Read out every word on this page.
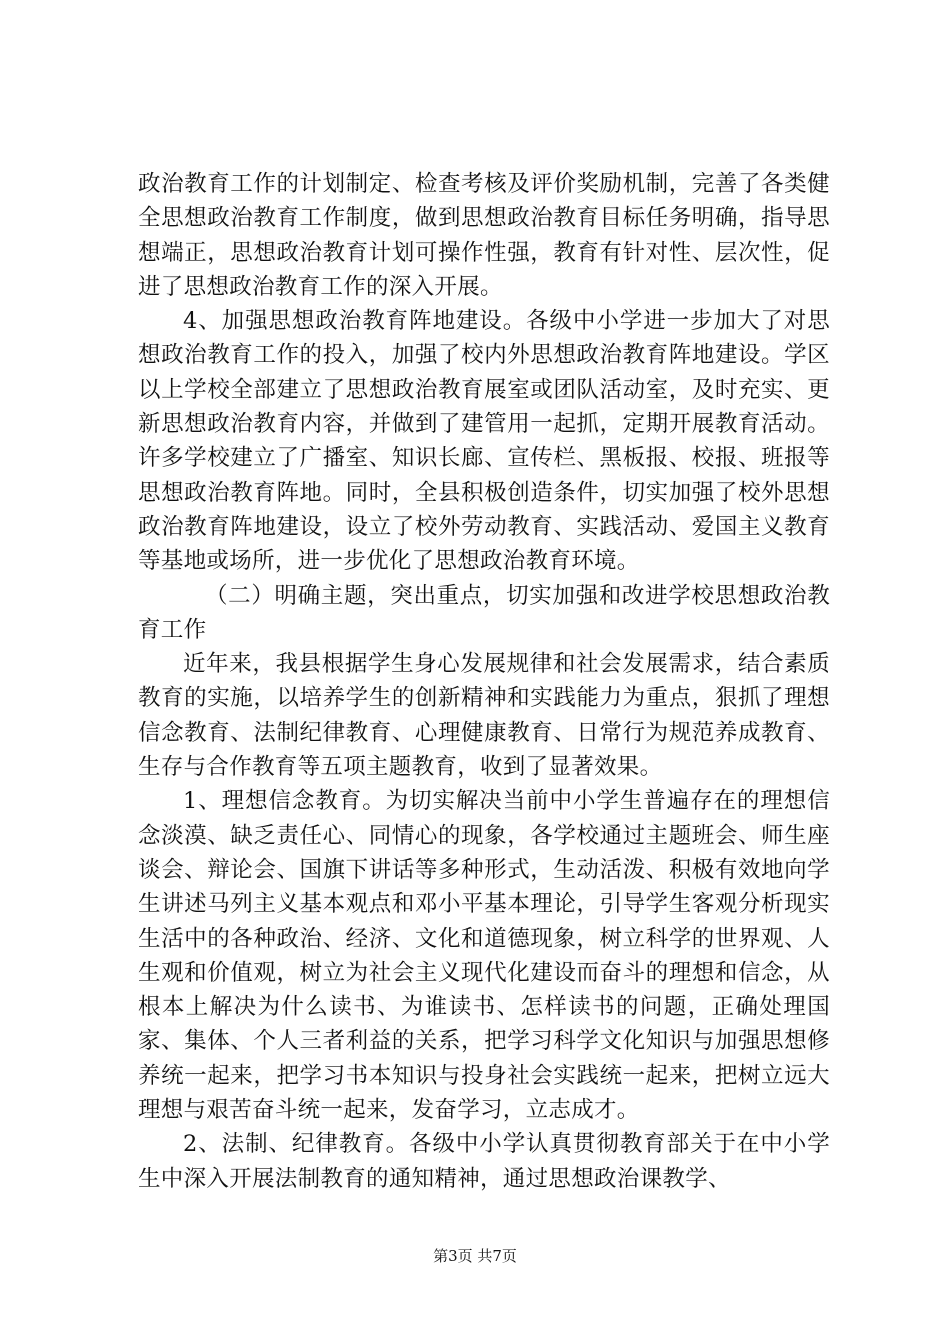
政治教育工作的计划制定、检查考核及评价奖励机制，完善了各类健全思想政治教育工作制度，做到思想政治教育目标任务明确，指导思想端正，思想政治教育计划可操作性强，教育有针对性、层次性，促进了思想政治教育工作的深入开展。

4、加强思想政治教育阵地建设。各级中小学进一步加大了对思想政治教育工作的投入，加强了校内外思想政治教育阵地建设。学区以上学校全部建立了思想政治教育展室或团队活动室，及时充实、更新思想政治教育内容，并做到了建管用一起抓，定期开展教育活动。许多学校建立了广播室、知识长廊、宣传栏、黑板报、校报、班报等思想政治教育阵地。同时，全县积极创造条件，切实加强了校外思想政治教育阵地建设，设立了校外劳动教育、实践活动、爱国主义教育等基地或场所，进一步优化了思想政治教育环境。

（二）明确主题，突出重点，切实加强和改进学校思想政治教育工作

近年来，我县根据学生身心发展规律和社会发展需求，结合素质教育的实施，以培养学生的创新精神和实践能力为重点，狠抓了理想信念教育、法制纪律教育、心理健康教育、日常行为规范养成教育、生存与合作教育等五项主题教育，收到了显著效果。

1、理想信念教育。为切实解决当前中小学生普遍存在的理想信念淡漠、缺乏责任心、同情心的现象，各学校通过主题班会、师生座谈会、辩论会、国旗下讲话等多种形式，生动活泼、积极有效地向学生讲述马列主义基本观点和邓小平基本理论，引导学生客观分析现实生活中的各种政治、经济、文化和道德现象，树立科学的世界观、人生观和价值观，树立为社会主义现代化建设而奋斗的理想和信念，从根本上解决为什么读书、为谁读书、怎样读书的问题，正确处理国家、集体、个人三者利益的关系，把学习科学文化知识与加强思想修养统一起来，把学习书本知识与投身社会实践统一起来，把树立远大理想与艰苦奋斗统一起来，发奋学习，立志成才。

2、法制、纪律教育。各级中小学认真贯彻教育部关于在中小学生中深入开展法制教育的通知精神，通过思想政治课教学、

第3页 共7页
